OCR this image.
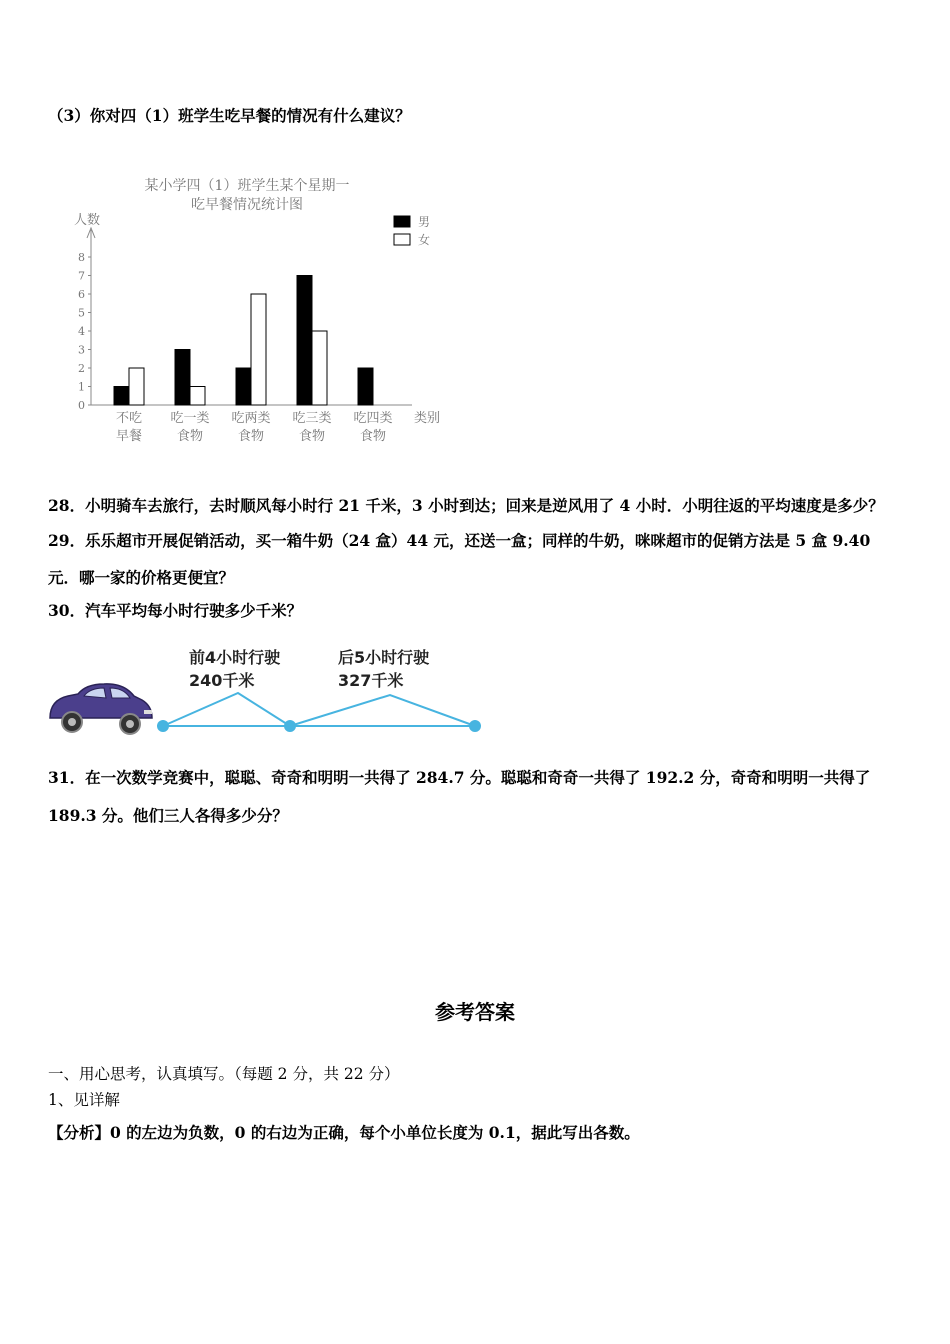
（3）你对四（1）班学生吃早餐的情况有什么建议？
某小学四（1）班学生某个星期一
吃早餐情况统计图
人数
0
1
2
3
4
5
6
7
8
不吃
早餐
吃一类
食物
吃两类
食物
吃三类
食物
吃四类
食物
类别
男
女
28．小明骑车去旅行，去时顺风每小时行 21 千米，3 小时到达；回来是逆风用了 4 小时．小明往返的平均速度是多少？
29．乐乐超市开展促销活动，买一箱牛奶（24 盒）44 元，还送一盒；同样的牛奶，咪咪超市的促销方法是 5 盒 9.40
元．哪一家的价格更便宜？
30．汽车平均每小时行驶多少千米？
前4小时行驶
240千米
后5小时行驶
327千米
31．在一次数学竞赛中，聪聪、奇奇和明明一共得了 284.7 分。聪聪和奇奇一共得了 192.2 分，奇奇和明明一共得了
189.3 分。他们三人各得多少分？
参考答案
一、用心思考，认真填写。（每题 2 分，共 22 分）
1、见详解
【分析】0 的左边为负数，0 的右边为正确，每个小单位长度为 0.1，据此写出各数。
